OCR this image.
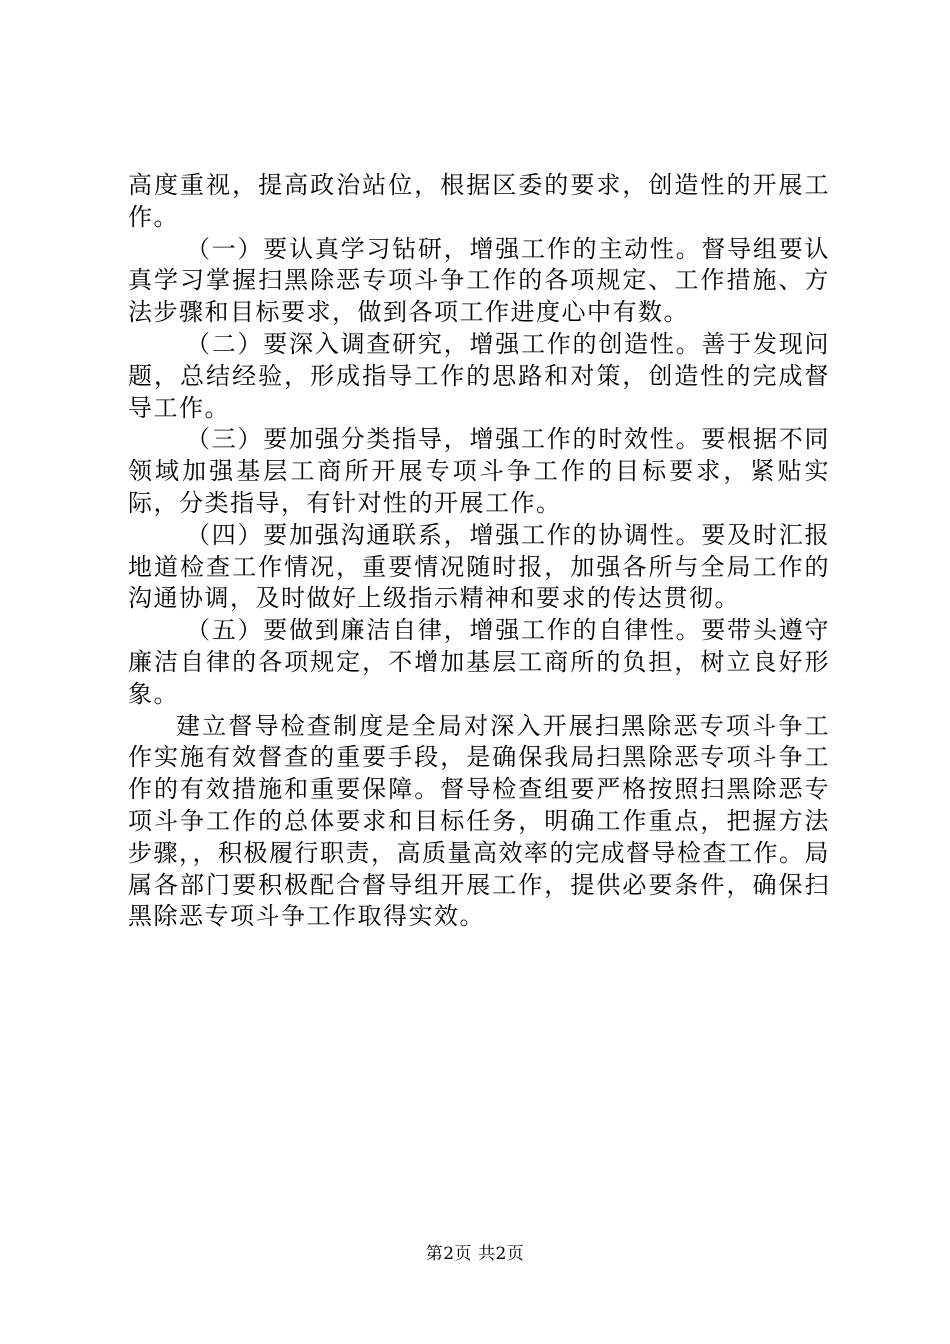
高度重视，提高政治站位，根据区委的要求，创造性的开展工作。

（一）要认真学习钻研，增强工作的主动性。督导组要认真学习掌握扫黑除恶专项斗争工作的各项规定、工作措施、方法步骤和目标要求，做到各项工作进度心中有数。

（二）要深入调查研究，增强工作的创造性。善于发现问题，总结经验，形成指导工作的思路和对策，创造性的完成督导工作。

（三）要加强分类指导，增强工作的时效性。要根据不同领域加强基层工商所开展专项斗争工作的目标要求，紧贴实际，分类指导，有针对性的开展工作。

（四）要加强沟通联系，增强工作的协调性。要及时汇报地道检查工作情况，重要情况随时报，加强各所与全局工作的沟通协调，及时做好上级指示精神和要求的传达贯彻。

（五）要做到廉洁自律，增强工作的自律性。要带头遵守廉洁自律的各项规定，不增加基层工商所的负担，树立良好形象。

建立督导检查制度是全局对深入开展扫黑除恶专项斗争工作实施有效督查的重要手段，是确保我局扫黑除恶专项斗争工作的有效措施和重要保障。督导检查组要严格按照扫黑除恶专项斗争工作的总体要求和目标任务，明确工作重点，把握方法步骤，，积极履行职责，高质量高效率的完成督导检查工作。局属各部门要积极配合督导组开展工作，提供必要条件，确保扫黑除恶专项斗争工作取得实效。

第2页 共2页
